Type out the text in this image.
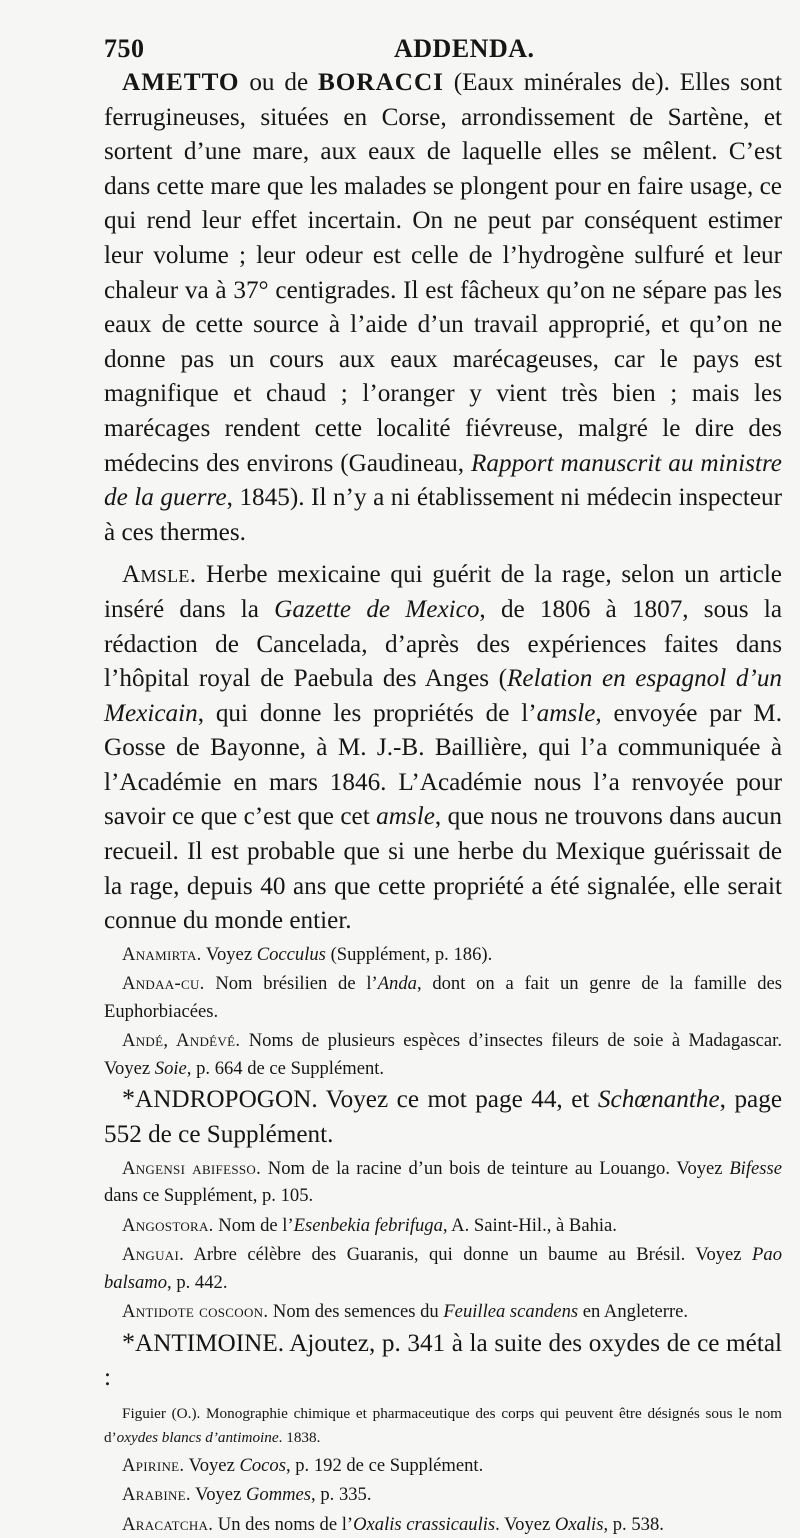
750	ADDENDA.

AMETTO ou de BORACCI (Eaux minérales de). Elles sont ferrugineuses, situées en Corse, arrondissement de Sartène, et sortent d’une mare, aux eaux de laquelle elles se mêlent. C’est dans cette mare que les malades se plongent pour en faire usage, ce qui rend leur effet incertain. On ne peut par conséquent estimer leur volume ; leur odeur est celle de l’hydrogène sulfuré et leur chaleur va à 37° centigrades. Il est fâcheux qu’on ne sépare pas les eaux de cette source à l’aide d’un travail approprié, et qu’on ne donne pas un cours aux eaux marécageuses, car le pays est magnifique et chaud ; l’oranger y vient très bien ; mais les marécages rendent cette localité fiévreuse, malgré le dire des médecins des environs (Gaudineau, Rapport manuscrit au ministre de la guerre, 1845). Il n’y a ni établissement ni médecin inspecteur à ces thermes.

Amsle. Herbe mexicaine qui guérit de la rage, selon un article inséré dans la Gazette de Mexico, de 1806 à 1807, sous la rédaction de Cancelada, d’après des expériences faites dans l’hôpital royal de Paebula des Anges (Relation en espagnol d’un Mexicain, qui donne les propriétés de l’amsle, envoyée par M. Gosse de Bayonne, à M. J.-B. Baillière, qui l’a communiquée à l’Académie en mars 1846. L’Académie nous l’a renvoyée pour savoir ce que c’est que cet amsle, que nous ne trouvons dans aucun recueil. Il est probable que si une herbe du Mexique guérissait de la rage, depuis 40 ans que cette propriété a été signalée, elle serait connue du monde entier.

Anamirta. Voyez Cocculus (Supplément, p. 186).

Andaa-cu. Nom brésilien de l’Anda, dont on a fait un genre de la famille des Euphorbiacées.

Andé, Andévé. Noms de plusieurs espèces d’insectes fileurs de soie à Madagascar. Voyez Soie, p. 664 de ce Supplément.

*ANDROPOGON. Voyez ce mot page 44, et Schœnanthe, page 552 de ce Supplément.

Angensi abifesso. Nom de la racine d’un bois de teinture au Louango. Voyez Bifesse dans ce Supplément, p. 105.

Angostora. Nom de l’Esenbekia febrifuga, A. Saint-Hil., à Bahia.

Anguai. Arbre célèbre des Guaranis, qui donne un baume au Brésil. Voyez Pao balsamo, p. 442.

Antidote coscoon. Nom des semences du Feuillea scandens en Angleterre.

*ANTIMOINE. Ajoutez, p. 341 à la suite des oxydes de ce métal :

Figuier (O.). Monographie chimique et pharmaceutique des corps qui peuvent être désignés sous le nom d’oxydes blancs d’antimoine. 1838.

Apirine. Voyez Cocos, p. 192 de ce Supplément.

Arabine. Voyez Gommes, p. 335.

Aracatcha. Un des noms de l’Oxalis crassicaulis. Voyez Oxalis, p. 538.
